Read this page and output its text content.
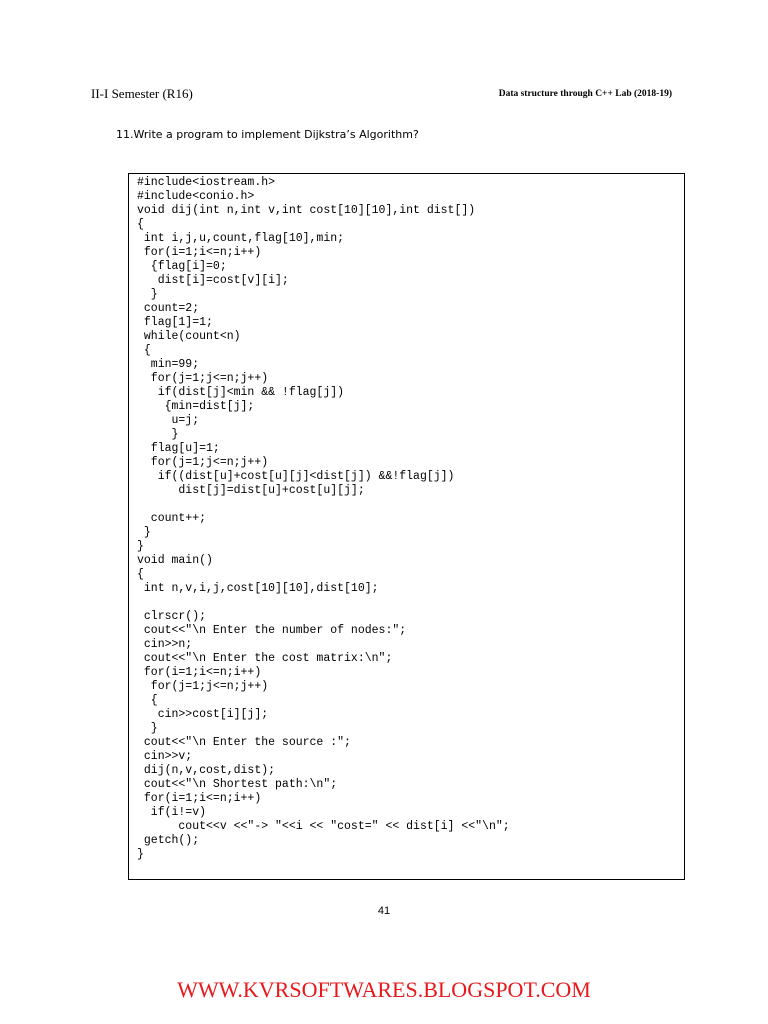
II-I Semester (R16)	Data structure through C++ Lab (2018-19)
11.Write a program to implement Dijkstra’s Algorithm?
#include<iostream.h>
#include<conio.h>
void dij(int n,int v,int cost[10][10],int dist[])
{
int i,j,u,count,flag[10],min;
for(i=1;i<=n;i++)
{flag[i]=0;
dist[i]=cost[v][i];
}
count=2;
flag[1]=1;
while(count<n)
{
min=99;
for(j=1;j<=n;j++)
if(dist[j]<min && !flag[j])
{min=dist[j];
u=j;
}
flag[u]=1;
for(j=1;j<=n;j++)
if((dist[u]+cost[u][j]<dist[j]) &&!flag[j])
dist[j]=dist[u]+cost[u][j];
count++;
}
}
void main()
{
int n,v,i,j,cost[10][10],dist[10];
clrscr();
cout<<"\n Enter the number of nodes:";
cin>>n;
cout<<"\n Enter the cost matrix:\n";
for(i=1;i<=n;i++)
for(j=1;j<=n;j++)
{
cin>>cost[i][j];
}
cout<<"\n Enter the source :";
cin>>v;
dij(n,v,cost,dist);
cout<<"\n Shortest path:\n";
for(i=1;i<=n;i++)
if(i!=v)
cout<<v <<"-> "<<i << "cost=" << dist[i] <<"\n";
getch();
}
41
WWW.KVRSOFTWARES.BLOGSPOT.COM
